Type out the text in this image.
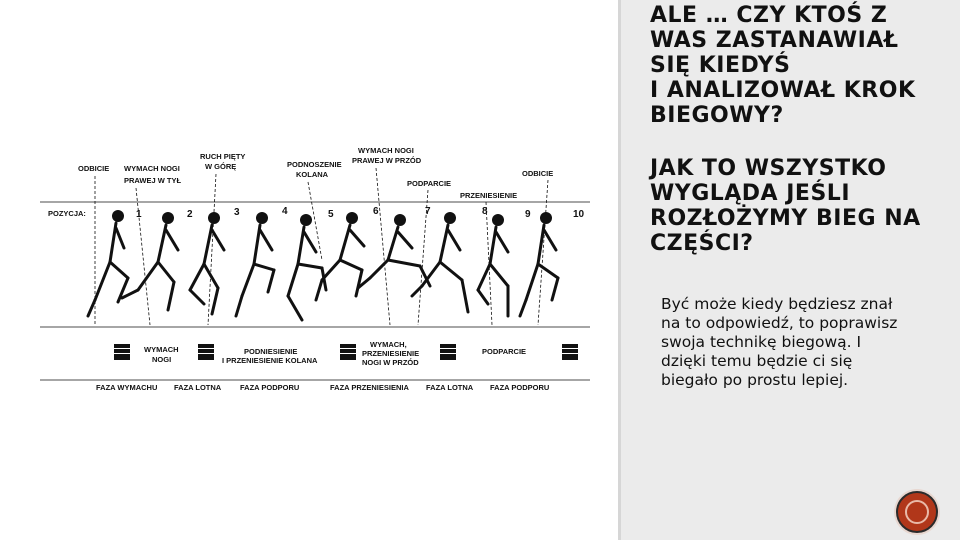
ALE … CZY KTOŚ Z
WAS ZASTANAWIAŁ
SIĘ KIEDYŚ
I ANALIZOWAŁ KROK
BIEGOWY?
JAK TO WSZYSTKO
WYGLĄDA JEŚLI
ROZŁOŻYMY BIEG NA
CZĘŚCI?

Być może kiedy będziesz znał na to odpowiedź, to poprawisz swoja technikę biegową. I dzięki temu będzie ci się biegało po prostu lepiej.

ODBICIE WYMACH NOGI
PRAWEJ W TYŁ
RUCH PIĘTY
W GÓRĘ	PODNOSZENIE
KOLANA
WYMACH NOGI
PRAWEJ W PRZÓD
PODPARCIE
PRZENIESIENIE
ODBICIE
POZYCJA:	1	2	3	4	5	6	7	8	9	10
WYMACH
NOGI
PODNIESIENIE
I PRZENIESIENIE KOLANA
WYMACH,
PRZENIESIENIE
NOGI W PRZÓD
PODPARCIE
FAZA WYMACHU FAZA LOTNA	FAZA PODPORU	FAZA PRZENIESIENIA FAZA LOTNA FAZA PODPORU
